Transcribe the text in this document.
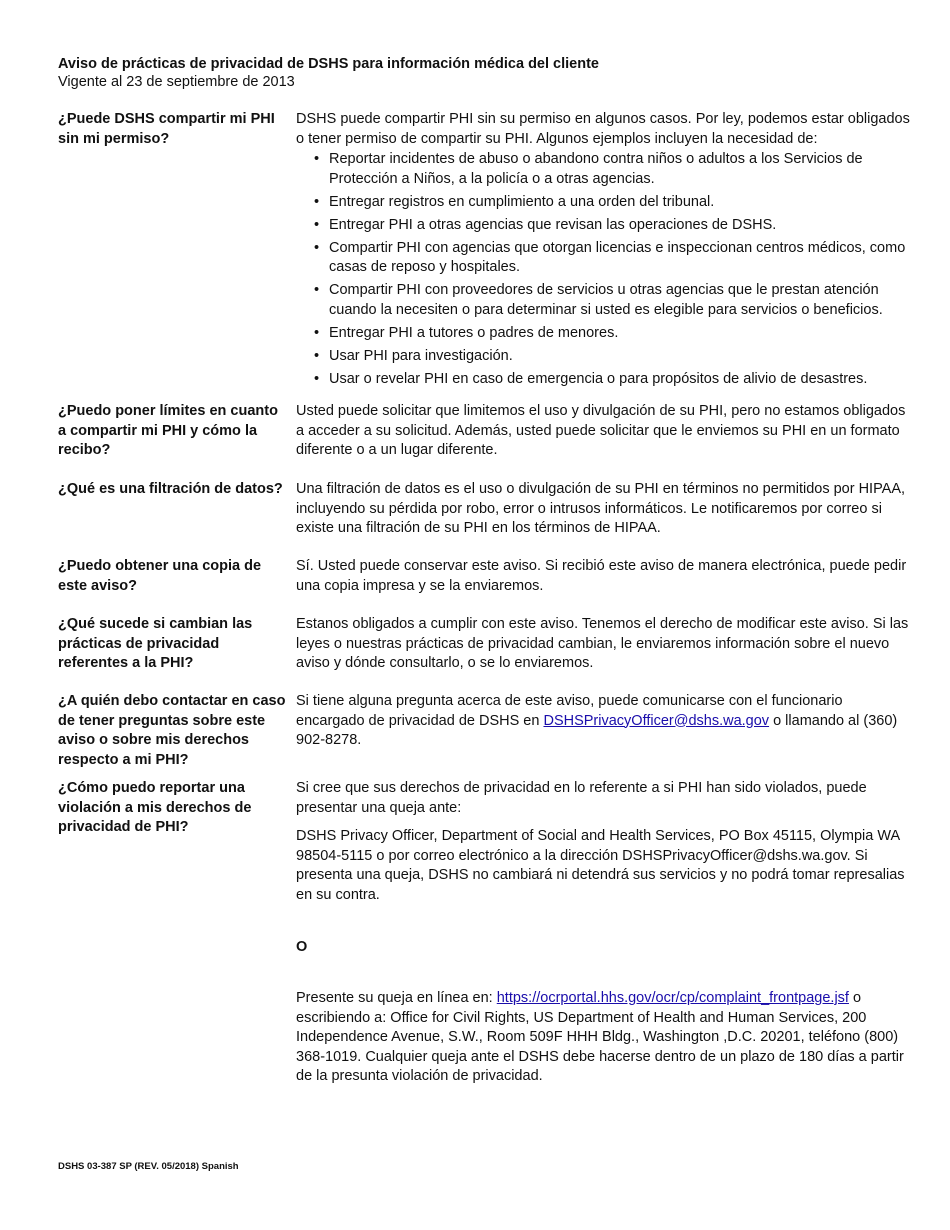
Aviso de prácticas de privacidad de DSHS para información médica del cliente
Vigente al 23 de septiembre de 2013
¿Puede DSHS compartir mi PHI sin mi permiso?

DSHS puede compartir PHI sin su permiso en algunos casos. Por ley, podemos estar obligados o tener permiso de compartir su PHI. Algunos ejemplos incluyen la necesidad de:

• Reportar incidentes de abuso o abandono contra niños o adultos a los Servicios de Protección a Niños, a la policía o a otras agencias.
• Entregar registros en cumplimiento a una orden del tribunal.
• Entregar PHI a otras agencias que revisan las operaciones de DSHS.
• Compartir PHI con agencias que otorgan licencias e inspeccionan centros médicos, como casas de reposo y hospitales.
• Compartir PHI con proveedores de servicios u otras agencias que le prestan atención cuando la necesiten o para determinar si usted es elegible para servicios o beneficios.
• Entregar PHI a tutores o padres de menores.
• Usar PHI para investigación.
• Usar o revelar PHI en caso de emergencia o para propósitos de alivio de desastres.
¿Puedo poner límites en cuanto a compartir mi PHI y cómo la recibo?

Usted puede solicitar que limitemos el uso y divulgación de su PHI, pero no estamos obligados a acceder a su solicitud. Además, usted puede solicitar que le enviemos su PHI en un formato diferente o a un lugar diferente.

¿Qué es una filtración de datos? Una filtración de datos es el uso o divulgación de su PHI en términos no permitidos por HIPAA, incluyendo su pérdida por robo, error o intrusos informáticos. Le notificaremos por correo si existe una filtración de su PHI en los términos de HIPAA.

¿Puedo obtener una copia de este aviso?

Sí. Usted puede conservar este aviso. Si recibió este aviso de manera electrónica, puede pedir una copia impresa y se la enviaremos.

¿Qué sucede si cambian las prácticas de privacidad referentes a la PHI?

Estanos obligados a cumplir con este aviso. Tenemos el derecho de modificar este aviso. Si las leyes o nuestras prácticas de privacidad cambian, le enviaremos información sobre el nuevo aviso y dónde consultarlo, o se lo enviaremos.

¿A quién debo contactar en caso de tener preguntas sobre este aviso o sobre mis derechos respecto a mi PHI?

Si tiene alguna pregunta acerca de este aviso, puede comunicarse con el funcionario encargado de privacidad de DSHS en DSHSPrivacyOfficer@dshs.wa.gov o llamando al (360) 902-8278.

¿Cómo puedo reportar una violación a mis derechos de privacidad de PHI?

Si cree que sus derechos de privacidad en lo referente a si PHI han sido violados, puede presentar una queja ante:

DSHS Privacy Officer, Department of Social and Health Services, PO Box 45115, Olympia WA 98504-5115 o por correo electrónico a la dirección DSHSPrivacyOfficer@dshs.wa.gov. Si presenta una queja, DSHS no cambiará ni detendrá sus servicios y no podrá tomar represalias en su contra.

O

Presente su queja en línea en: https://ocrportal.hhs.gov/ocr/cp/complaint_frontpage.jsf o escribiendo a: Office for Civil Rights, US Department of Health and Human Services, 200 Independence Avenue, S.W., Room 509F HHH Bldg., Washington ,D.C. 20201, teléfono (800) 368-1019. Cualquier queja ante el DSHS debe hacerse dentro de un plazo de 180 días a partir de la presunta violación de privacidad.

DSHS 03-387 SP (REV. 05/2018) Spanish
